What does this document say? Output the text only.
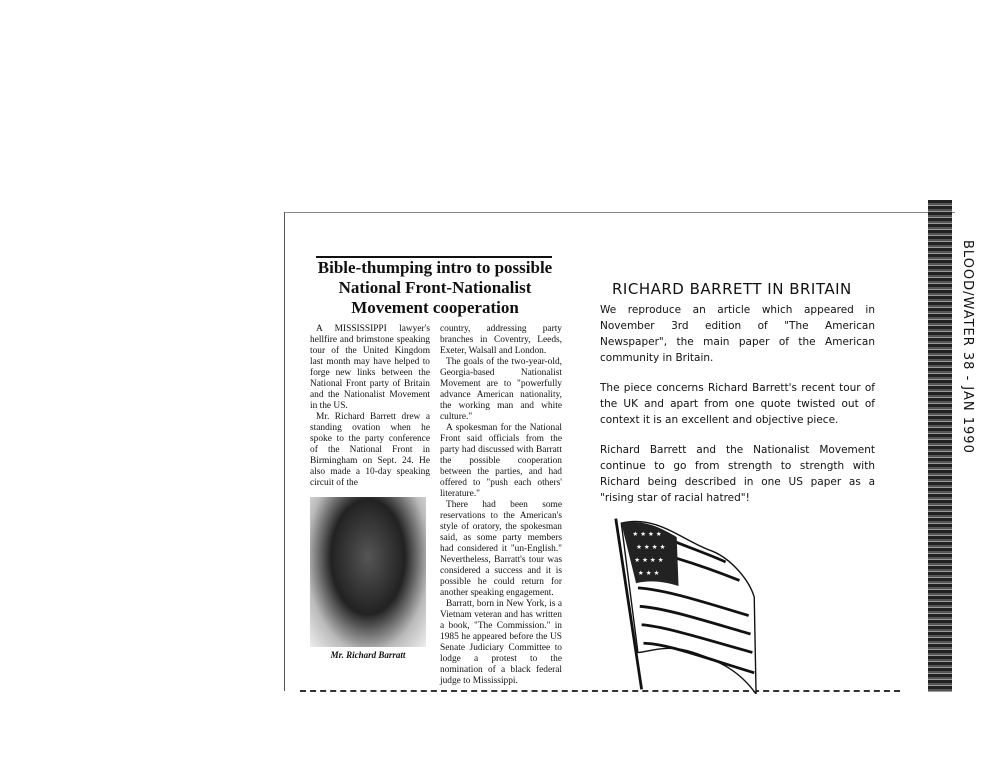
Bible-thumping intro to possible National Front-Nationalist Movement cooperation

A MISSISSIPPI lawyer's hellfire and brimstone speaking tour of the United Kingdom last month may have helped to forge new links between the National Front party of Britain and the Nationalist Movement in the US.

Mr. Richard Barrett drew a standing ovation when he spoke to the party conference of the National Front in Birmingham on Sept. 24. He also made a 10-day speaking circuit of the

Mr. Richard Barratt

country, addressing party branches in Coventry, Leeds, Exeter, Walsall and London.

The goals of the two-year-old, Georgia-based Nationalist Movement are to "powerfully advance American nationality, the working man and white culture."

A spokesman for the National Front said officials from the party had discussed with Barratt the possible cooperation between the parties, and had offered to "push each others' literature."

There had been some reservations to the American's style of oratory, the spokesman said, as some party members had considered it "un-English." Nevertheless, Barratt's tour was considered a success and it is possible he could return for another speaking engagement.

Barratt, born in New York, is a Vietnam veteran and has written a book, "The Commission." in 1985 he appeared before the US Senate Judiciary Committee to lodge a protest to the nomination of a black federal judge to Mississippi.

RICHARD BARRETT IN BRITAIN
We reproduce an article which appeared in November 3rd edition of "The American Newspaper", the main paper of the American community in Britain.
The piece concerns Richard Barrett's recent tour of the UK and apart from one quote twisted out of context it is an excellent and objective piece.
Richard Barrett and the Nationalist Movement continue to go from strength to strength with Richard being described in one US paper as a "rising star of racial hatred"!
★ ★ ★ ★
★ ★ ★ ★
★ ★ ★ ★
★ ★ ★
BLOOD/WATER 38 - JAN 1990
